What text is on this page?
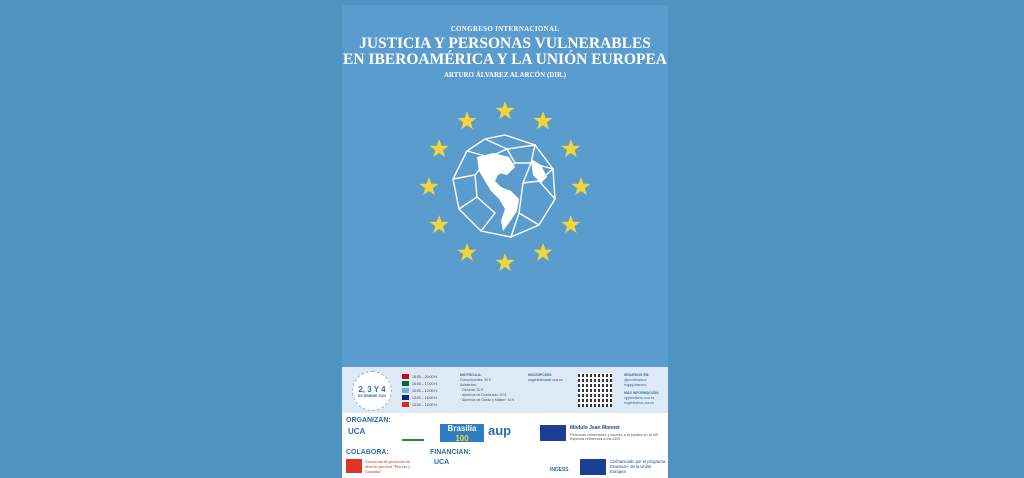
CONGRESO INTERNACIONAL
JUSTICIA Y PERSONAS VULNERABLES
EN IBEROAMÉRICA Y LA UNIÓN EUROPEA
ARTURO ÁLVAREZ ALARCÓN (DIR.)
2, 3 Y 4
DICIEMBRE 2020
18:00 – 20:00 H.
15:00 – 17:00 H.
10:00 – 12:00 H.
13:00 – 14:00 H.
13:00 – 14:00 H.
MATRÍCULA:
Comunicantes: 30 €
Asistentes:
· General: 30 €
· Alumnos de Doctorado: 20 €
· Alumnos de Grado y Máster: 10 €
INSCRIPCIÓN:
eagleslatinaale.uca.es
SÍGUENOS EN:
@procesalcuz
#vjppjclasuero
MÁS INFORMACIÓN:
vjpjlamilenio.uca.es
eagleslatina.uca.es
ORGANIZAN:
UCA	Brasilia
100
aup	Módulo Jean Monnet
Personas vulnerables y acceso a la justicia en la UE. Especial referencia a los ADR
COLABORA:
Asociación de profesores de derecho procesal "Proceso y Garantías"
FINANCIAN:
UCA
INDESS
Cofinanciado por el programa Erasmus+ de la Unión Europea
